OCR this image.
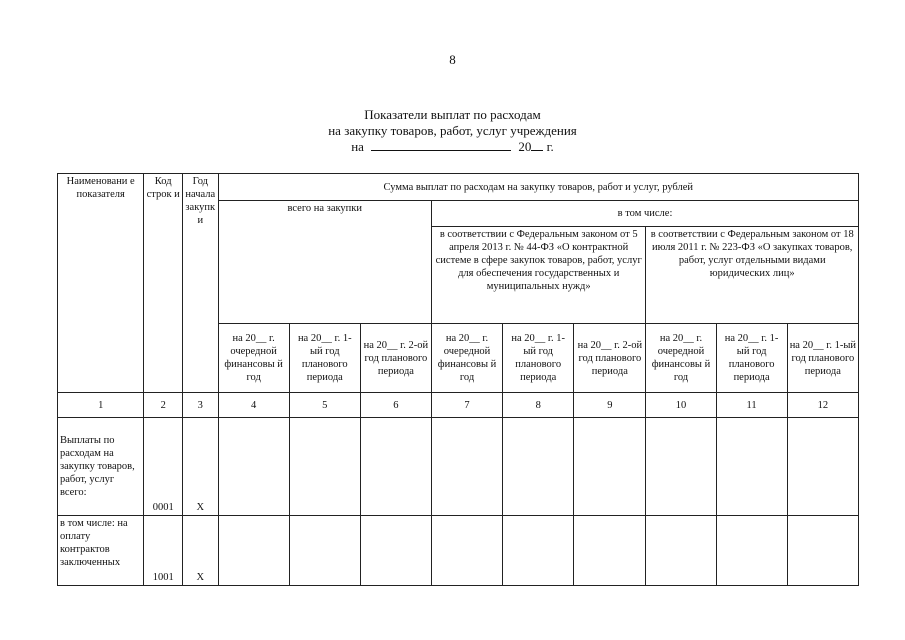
8
Показатели выплат по расходам
на закупку товаров, работ, услуг учреждения
на	20 г.
Наименовани е показателя	Код строк и	Год начала закупк и	Сумма выплат по расходам на закупку товаров, работ и услуг, рублей								
			всего на закупки			в том числе:					
						в соответствии с Федеральным законом от 5 апреля 2013 г. № 44-ФЗ «О контрактной системе в сфере закупок товаров, работ, услуг для обеспечения государственных и муниципальных нужд»			в соответствии с Федеральным законом от 18 июля 2011 г. № 223-ФЗ «О закупках товаров, работ, услуг отдельными видами юридических лиц»		
			на 20__ г. очередной финансовы й год	на 20__ г. 1-ый год планового периода	на 20__ г. 2-ой год планового периода	на 20__ г. очередной финансовы й год	на 20__ г. 1-ый год планового периода	на 20__ г. 2-ой год планового периода	на 20__ г. очередной финансовы й год	на 20__ г. 1-ый год планового периода	на 20__ г. 1-ый год планового периода
1	2	3	4	5	6	7	8	9	10	11	12
Выплаты по расходам на закупку товаров, работ, услуг всего:	0001	Х									
в том числе: на оплату контрактов заключенных	1001	Х									
